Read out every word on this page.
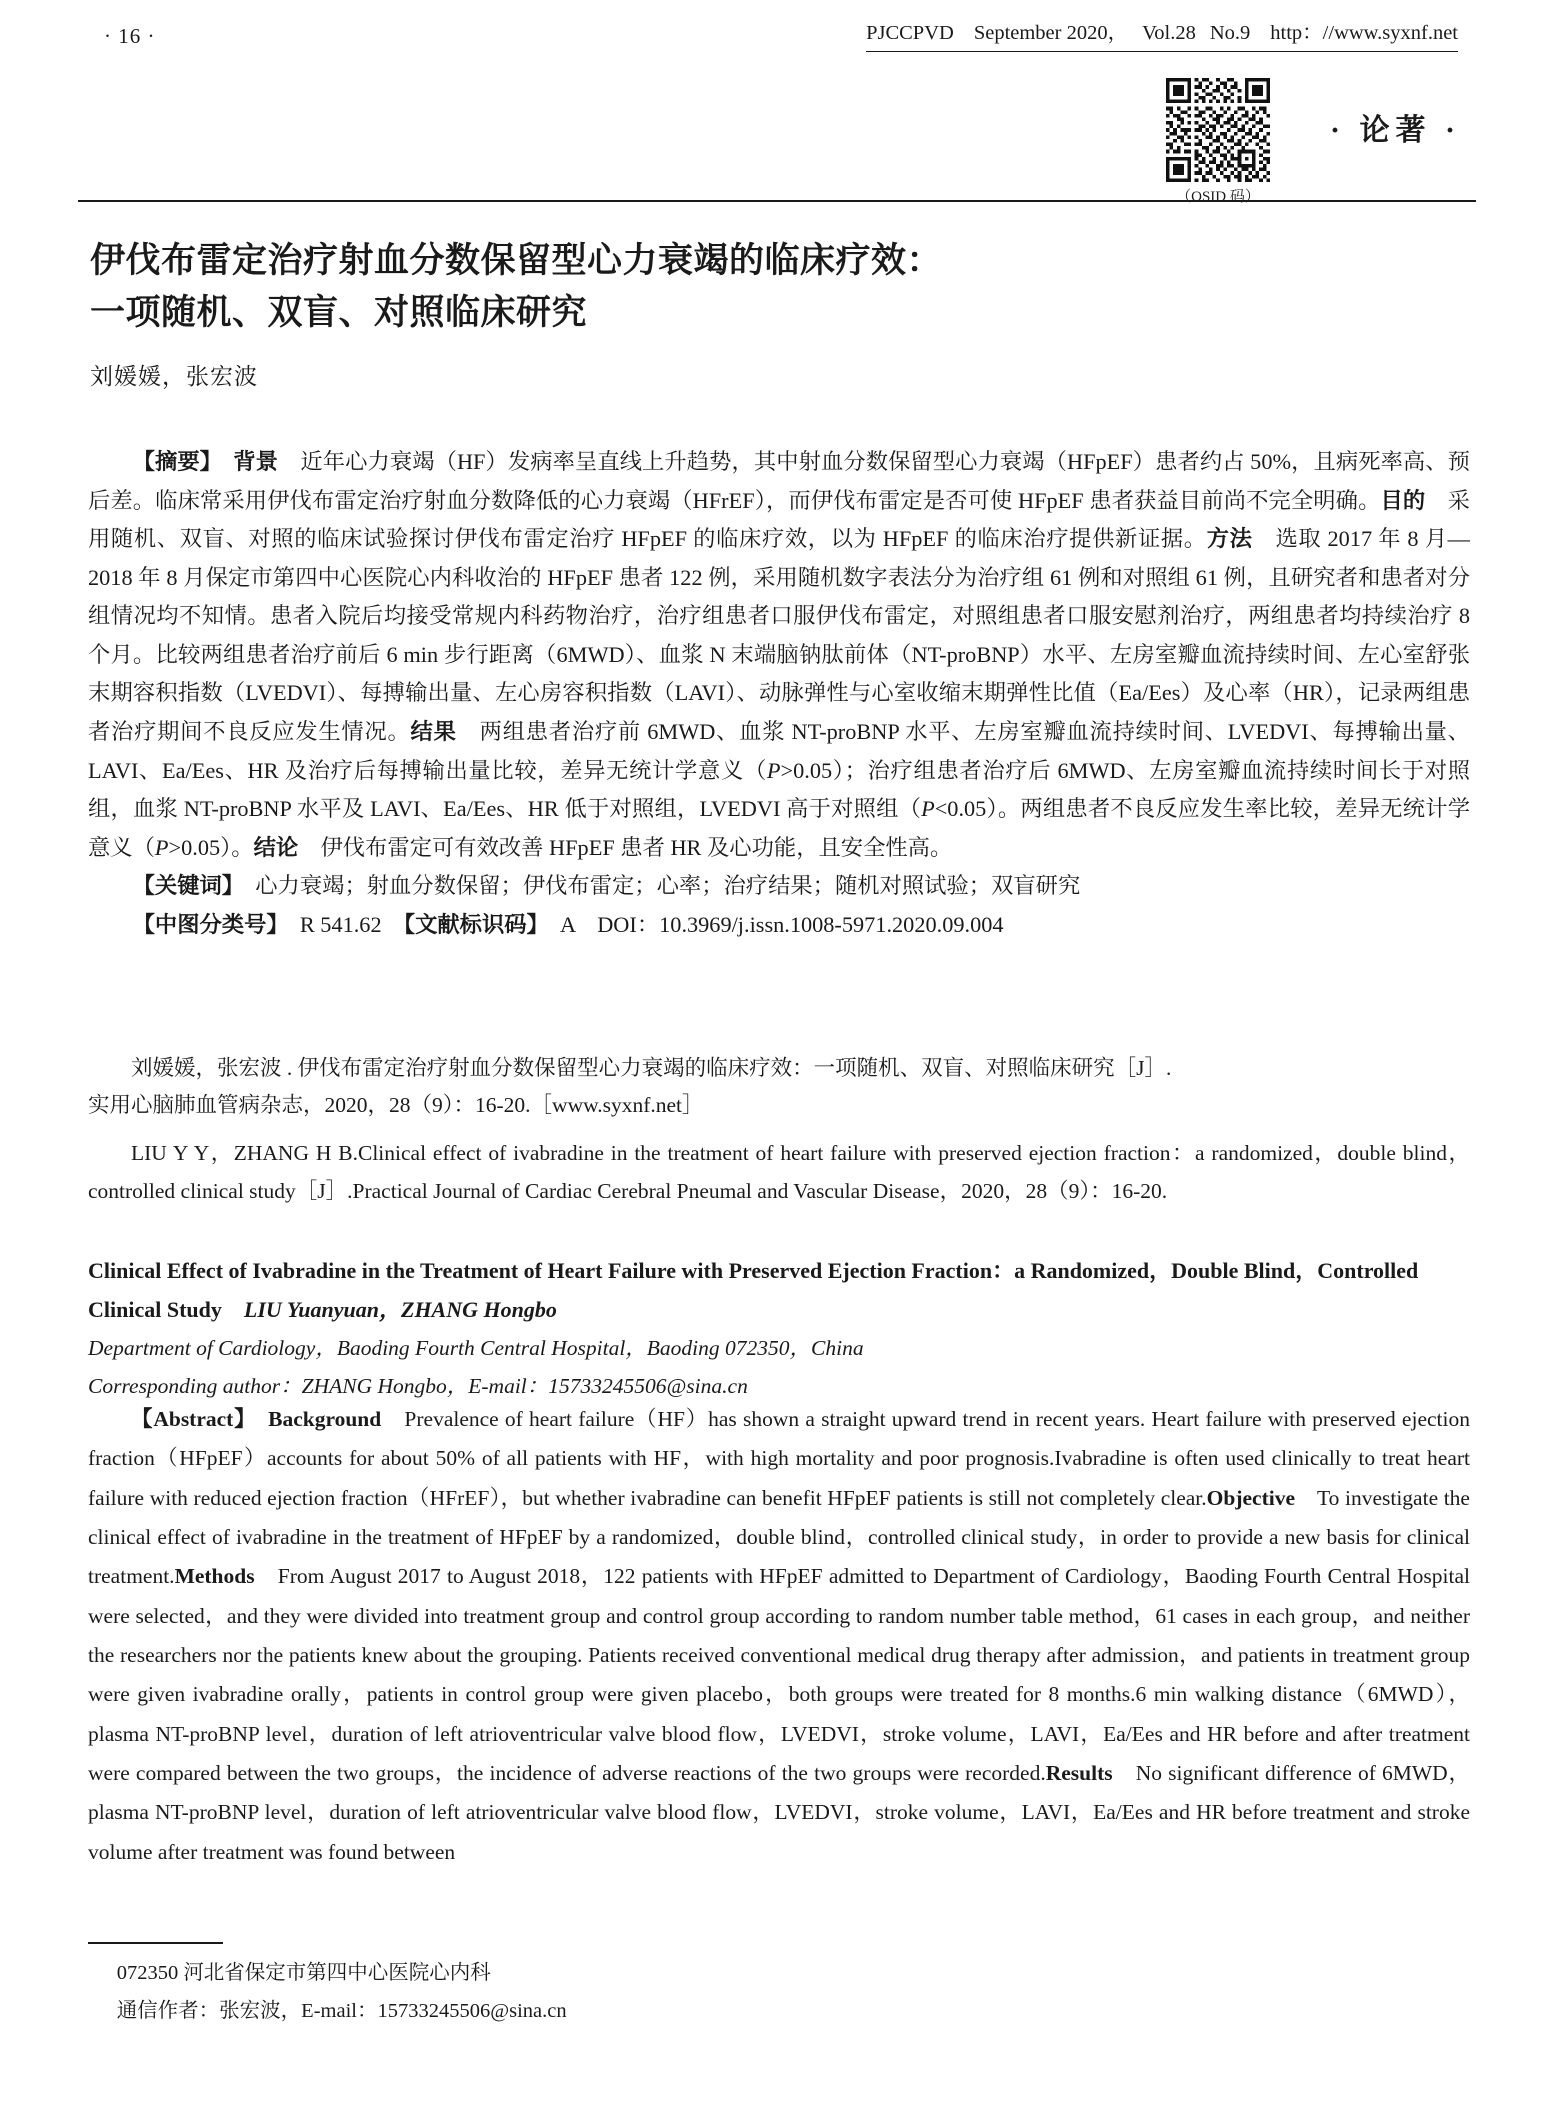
· 16 ·	PJCCPVD September 2020， Vol.28 No.9 http：//www.syxnf.net
（OSID 码）
· 论著 ·
伊伐布雷定治疗射血分数保留型心力衰竭的临床疗效：
一项随机、双盲、对照临床研究
刘媛媛，张宏波

【摘要】　 背景　 近年心力衰竭（HF）发病率呈直线上升趋势，其中射血分数保留型心力衰竭（HFpEF）患者约占 50%，且病死率高、预后差。临床常采用伊伐布雷定治疗射血分数降低的心力衰竭（HFrEF），而伊伐布雷定是否可使 HFpEF 患者获益目前尚不完全明确。目的　 采用随机、双盲、对照的临床试验探讨伊伐布雷定治疗 HFpEF 的临床疗效，以为 HFpEF 的临床治疗提供新证据。方法　 选取 2017 年 8 月—2018 年 8 月保定市第四中心医院心内科收治的 HFpEF 患者 122 例，采用随机数字表法分为治疗组 61 例和对照组 61 例，且研究者和患者对分组情况均不知情。患者入院后均接受常规内科药物治疗，治疗组患者口服伊伐布雷定，对照组患者口服安慰剂治疗，两组患者均持续治疗 8 个月。比较两组患者治疗前后 6 min 步行距离（6MWD）、血浆 N 末端脑钠肽前体（NT-proBNP）水平、左房室瓣血流持续时间、左心室舒张末期容积指数（LVEDVI）、每搏输出量、左心房容积指数（LAVI）、动脉弹性与心室收缩末期弹性比值（Ea/Ees）及心率（HR），记录两组患者治疗期间不良反应发生情况。结果　 两组患者治疗前 6MWD、血浆 NT-proBNP 水平、左房室瓣血流持续时间、LVEDVI、每搏输出量、LAVI、Ea/Ees、HR 及治疗后每搏输出量比较，差异无统计学意义（P>0.05）；治疗组患者治疗后 6MWD、左房室瓣血流持续时间长于对照组，血浆 NT-proBNP 水平及 LAVI、Ea/Ees、HR 低于对照组，LVEDVI 高于对照组（P<0.05）。两组患者不良反应发生率比较，差异无统计学意义（P>0.05）。结论　 伊伐布雷定可有效改善 HFpEF 患者 HR 及心功能，且安全性高。

【关键词】　 心力衰竭；射血分数保留；伊伐布雷定；心率；治疗结果；随机对照试验；双盲研究

【中图分类号】　 R 541.62　 【文献标识码】　 A　 DOI：10.3969/j.issn.1008-5971.2020.09.004

刘媛媛，张宏波 . 伊伐布雷定治疗射血分数保留型心力衰竭的临床疗效：一项随机、双盲、对照临床研究［J］.

实用心脑肺血管病杂志，2020，28（9）：16-20.［www.syxnf.net］

LIU Y Y，ZHANG H B.Clinical effect of ivabradine in the treatment of heart failure with preserved ejection fraction：a randomized，double blind，controlled clinical study［J］.Practical Journal of Cardiac Cerebral Pneumal and Vascular Disease，2020，28（9）：16-20.

Clinical Effect of Ivabradine in the Treatment of Heart Failure with Preserved Ejection Fraction：a Randomized，Double Blind，Controlled Clinical Study　 LIU Yuanyuan，ZHANG Hongbo

Department of Cardiology，Baoding Fourth Central Hospital，Baoding 072350，China

Corresponding author：ZHANG Hongbo，E-mail：15733245506@sina.cn

【Abstract】　 Background　 Prevalence of heart failure（HF）has shown a straight upward trend in recent years. Heart failure with preserved ejection fraction（HFpEF）accounts for about 50% of all patients with HF，with high mortality and poor prognosis.Ivabradine is often used clinically to treat heart failure with reduced ejection fraction（HFrEF），but whether ivabradine can benefit HFpEF patients is still not completely clear.Objective　 To investigate the clinical effect of ivabradine in the treatment of HFpEF by a randomized，double blind，controlled clinical study，in order to provide a new basis for clinical treatment.Methods　 From August 2017 to August 2018，122 patients with HFpEF admitted to Department of Cardiology，Baoding Fourth Central Hospital were selected，and they were divided into treatment group and control group according to random number table method，61 cases in each group，and neither the researchers nor the patients knew about the grouping. Patients received conventional medical drug therapy after admission，and patients in treatment group were given ivabradine orally，patients in control group were given placebo，both groups were treated for 8 months.6 min walking distance（6MWD），plasma NT-proBNP level，duration of left atrioventricular valve blood flow，LVEDVI，stroke volume，LAVI，Ea/Ees and HR before and after treatment were compared between the two groups，the incidence of adverse reactions of the two groups were recorded.Results　 No significant difference of 6MWD，plasma NT-proBNP level，duration of left atrioventricular valve blood flow，LVEDVI，stroke volume，LAVI，Ea/Ees and HR before treatment and stroke volume after treatment was found between

072350 河北省保定市第四中心医院心内科

通信作者：张宏波，E-mail：15733245506@sina.cn
